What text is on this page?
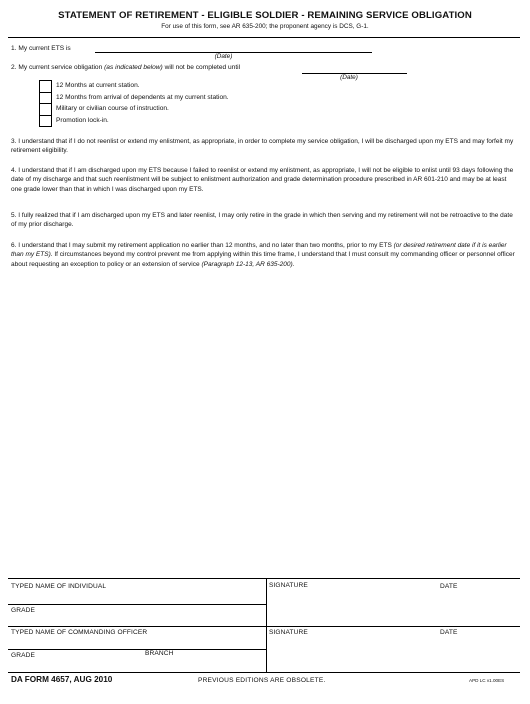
STATEMENT OF RETIREMENT - ELIGIBLE SOLDIER - REMAINING SERVICE OBLIGATION
For use of this form, see AR 635-200; the proponent agency is DCS, G-1.
1. My current ETS is
(Date)
2. My current service obligation (as indicated below) will not be completed until
(Date)
12 Months at current station.
12 Months from arrival of dependents at my current station.
Military or civilian course of instruction.
Promotion lock-in.
3. I understand that if I do not reenlist or extend my enlistment, as appropriate, in order to complete my service obligation, I will be discharged upon my ETS and may forfeit my retirement eligibility.
4. I understand that if I am discharged upon my ETS because I failed to reenlist or extend my enlistment, as appropriate, I will not be eligible to enlist until 93 days following the date of my discharge and that such reenlistment will be subject to enlistment authorization and grade determination procedure prescribed in AR 601-210 and may be at least one grade lower than that in which I was discharged upon my ETS.
5. I fully realized that if I am discharged upon my ETS and later reenlist, I may only retire in the grade in which then serving and my retirement will not be retroactive to the date of my prior discharge.
6. I understand that I may submit my retirement application no earlier than 12 months, and no later than two months, prior to my ETS (or desired retirement date if it is earlier than my ETS). If circumstances beyond my control prevent me from applying within this time frame, I understand that I must consult my commanding officer or personnel officer about requesting an exception to policy or an extension of service (Paragraph 12-13, AR 635-200).
TYPED NAME OF INDIVIDUAL	SIGNATURE	DATE
GRADE
TYPED NAME OF COMMANDING OFFICER	SIGNATURE	DATE
GRADE	BRANCH
DA FORM 4657, AUG 2010	PREVIOUS EDITIONS ARE OBSOLETE.	APD LC v1.00ES
